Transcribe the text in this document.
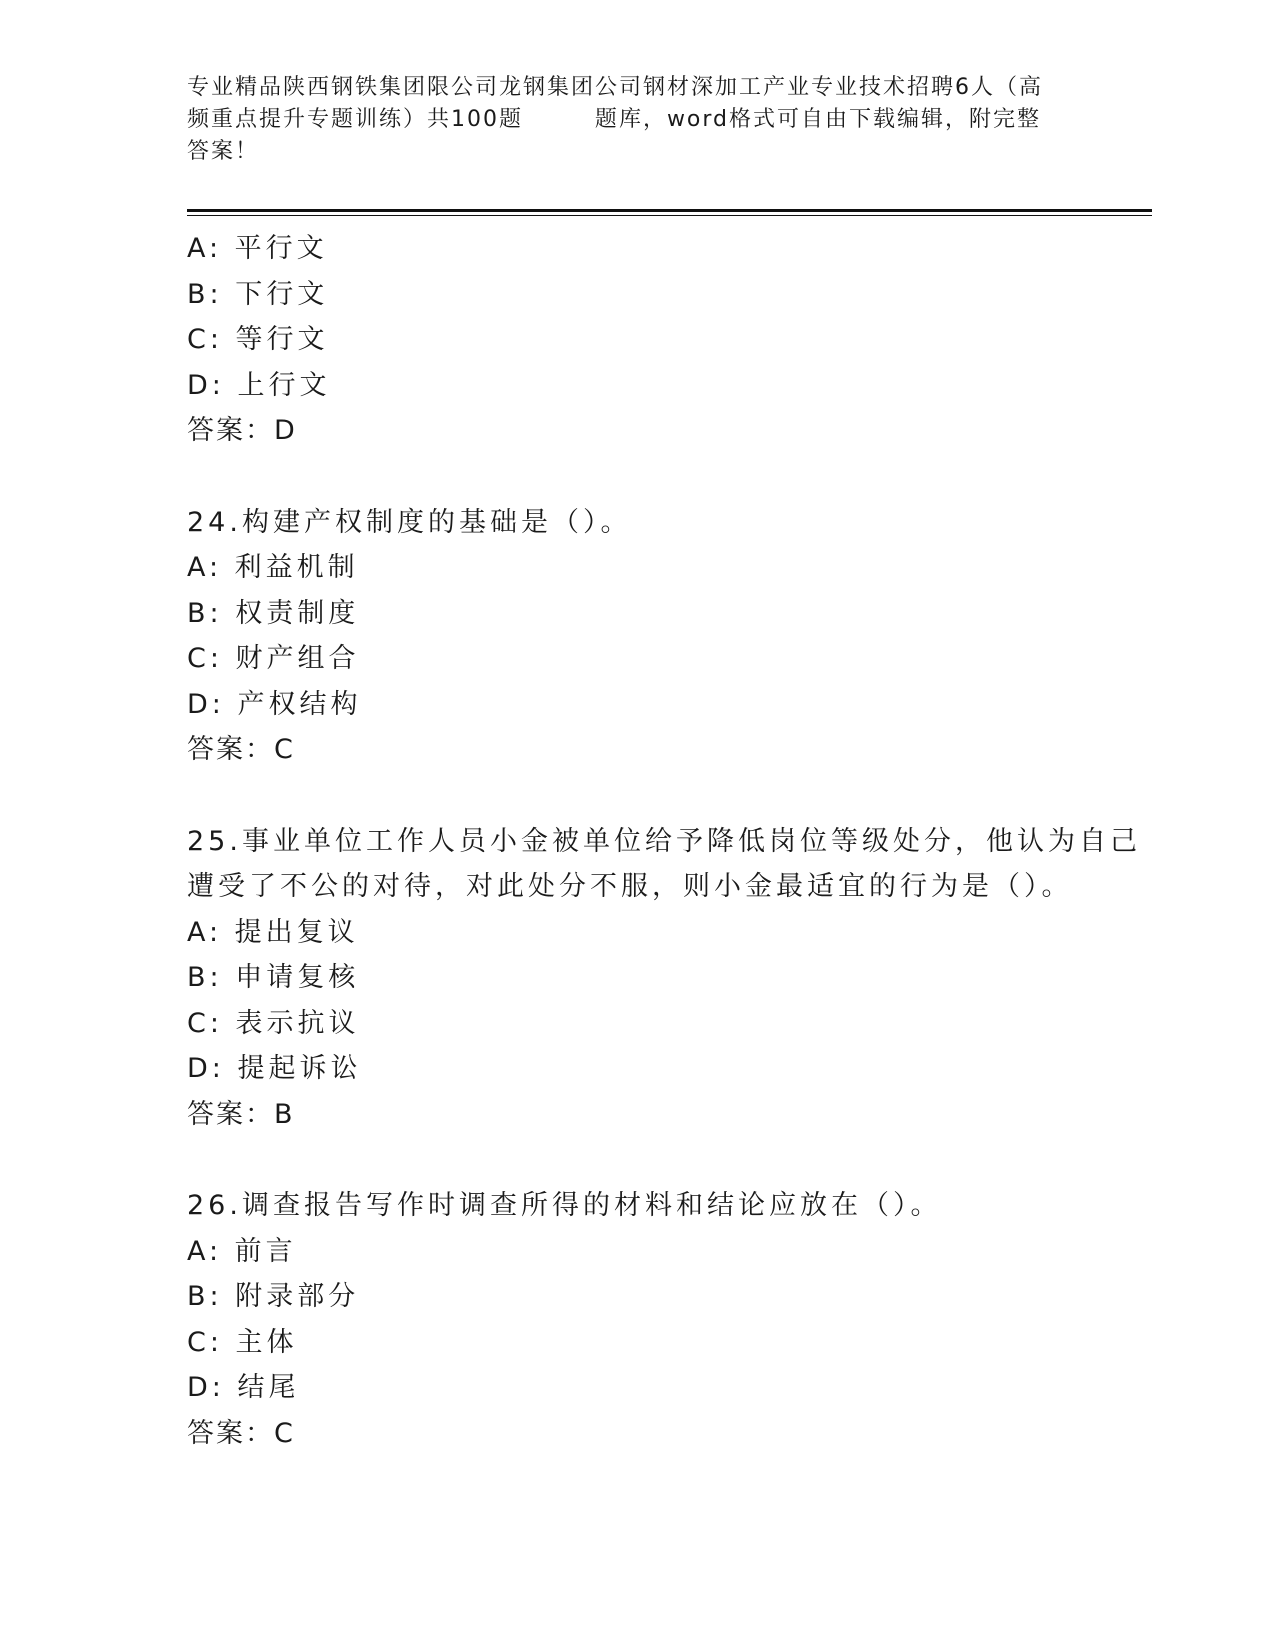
专业精品陕西钢铁集团限公司龙钢集团公司钢材深加工产业专业技术招聘6人（高
频重点提升专题训练）共100题        题库，word格式可自由下载编辑，附完整
答案！
A: 平行文
B: 下行文
C: 等行文
D: 上行文
答案：D
24.构建产权制度的基础是（）。
A: 利益机制
B: 权责制度
C: 财产组合
D: 产权结构
答案：C
25.事业单位工作人员小金被单位给予降低岗位等级处分，他认为自己
遭受了不公的对待，对此处分不服，则小金最适宜的行为是（）。
A: 提出复议
B: 申请复核
C: 表示抗议
D: 提起诉讼
答案：B
26.调查报告写作时调查所得的材料和结论应放在（）。
A: 前言
B: 附录部分
C: 主体
D: 结尾
答案：C
